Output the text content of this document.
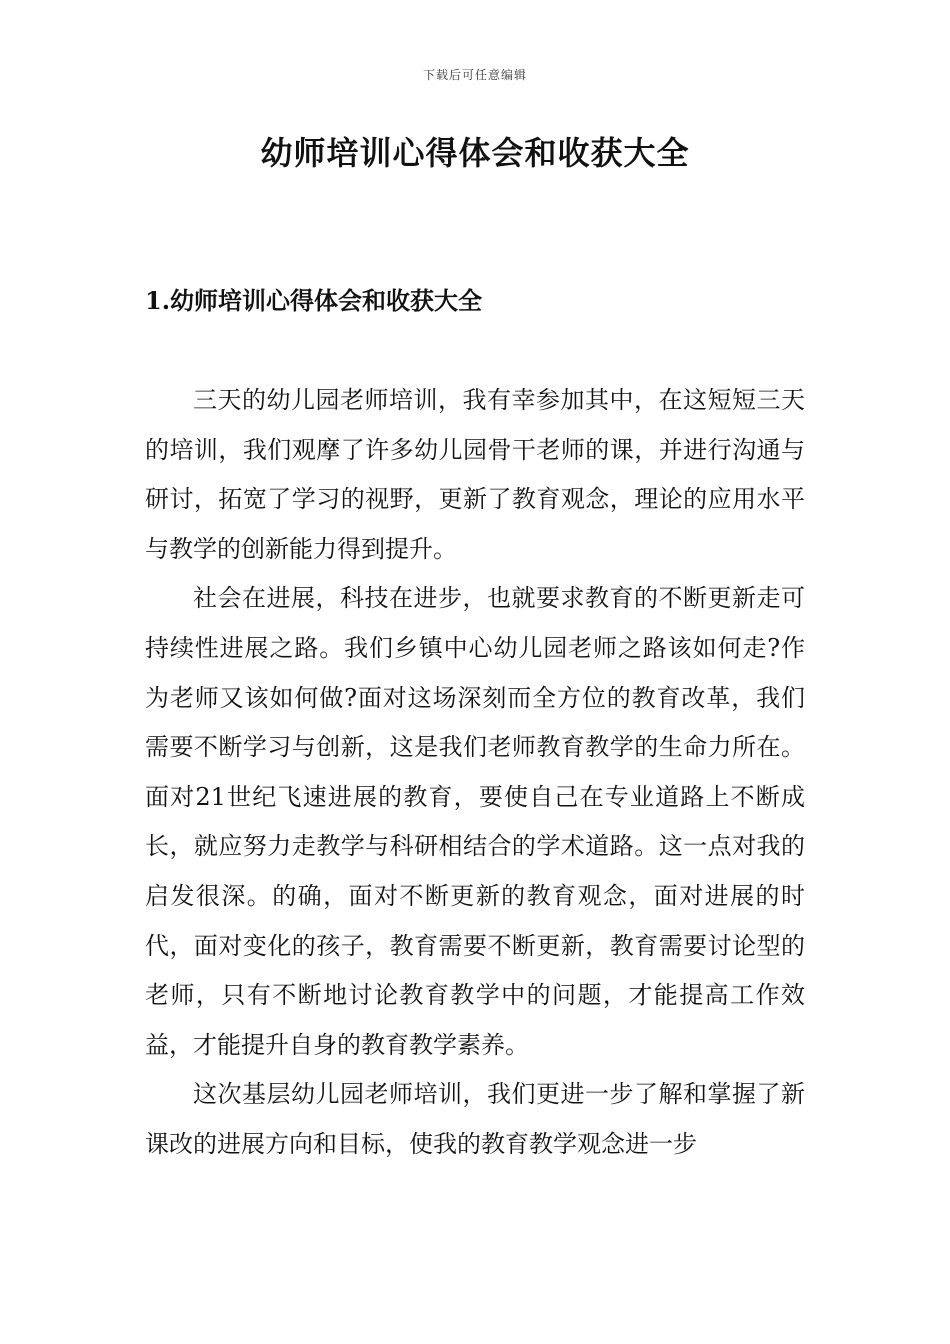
下载后可任意编辑
幼师培训心得体会和收获大全
1.幼师培训心得体会和收获大全

三天的幼儿园老师培训，我有幸参加其中，在这短短三天的培训，我们观摩了许多幼儿园骨干老师的课，并进行沟通与研讨，拓宽了学习的视野，更新了教育观念，理论的应用水平与教学的创新能力得到提升。

社会在进展，科技在进步，也就要求教育的不断更新走可持续性进展之路。我们乡镇中心幼儿园老师之路该如何走?作为老师又该如何做?面对这场深刻而全方位的教育改革，我们需要不断学习与创新，这是我们老师教育教学的生命力所在。面对21世纪飞速进展的教育，要使自己在专业道路上不断成长，就应努力走教学与科研相结合的学术道路。这一点对我的启发很深。的确，面对不断更新的教育观念，面对进展的时代，面对变化的孩子，教育需要不断更新，教育需要讨论型的老师，只有不断地讨论教育教学中的问题，才能提高工作效益，才能提升自身的教育教学素养。

这次基层幼儿园老师培训，我们更进一步了解和掌握了新课改的进展方向和目标，使我的教育教学观念进一步
